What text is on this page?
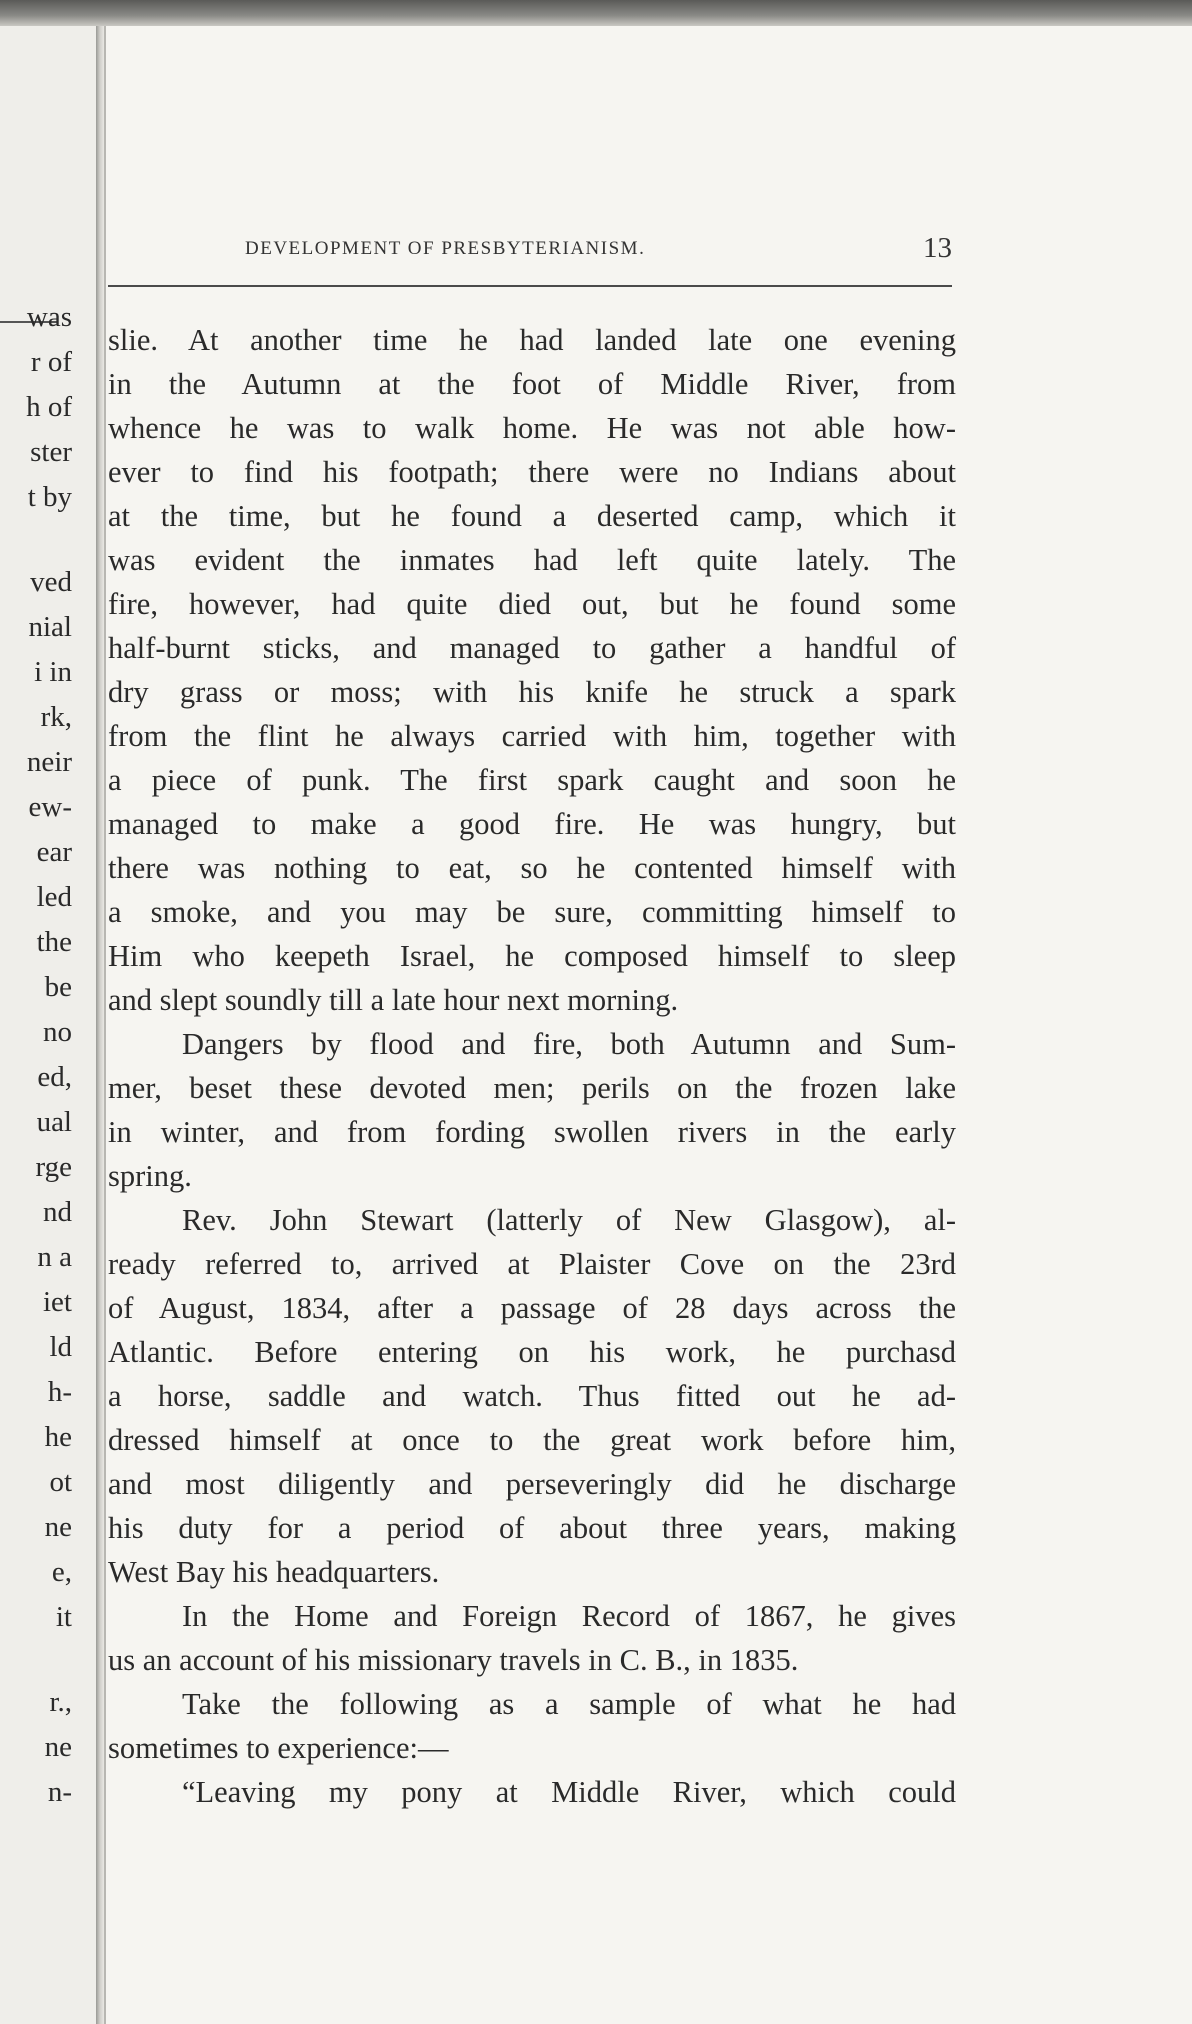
was
r of
h of
ster
t by
ved
nial
i in
rk,
neir
ew-
ear
led
the
be
no
ed,
ual
rge
nd
n a
iet
ld
h-
he
ot
ne
e,
it
r.,
ne
n-
DEVELOPMENT OF PRESBYTERIANISM.	13
slie. At another time he had landed late one evening
in the Autumn at the foot of Middle River, from
whence he was to walk home. He was not able how-
ever to find his footpath; there were no Indians about
at the time, but he found a deserted camp, which it
was evident the inmates had left quite lately. The
fire, however, had quite died out, but he found some
half-burnt sticks, and managed to gather a handful of
dry grass or moss; with his knife he struck a spark
from the flint he always carried with him, together with
a piece of punk. The first spark caught and soon he
managed to make a good fire. He was hungry, but
there was nothing to eat, so he contented himself with
a smoke, and you may be sure, committing himself to
Him who keepeth Israel, he composed himself to sleep
and slept soundly till a late hour next morning.
Dangers by flood and fire, both Autumn and Sum-
mer, beset these devoted men; perils on the frozen lake
in winter, and from fording swollen rivers in the early
spring.
Rev. John Stewart (latterly of New Glasgow), al-
ready referred to, arrived at Plaister Cove on the 23rd
of August, 1834, after a passage of 28 days across the
Atlantic. Before entering on his work, he purchasd
a horse, saddle and watch. Thus fitted out he ad-
dressed himself at once to the great work before him,
and most diligently and perseveringly did he discharge
his duty for a period of about three years, making
West Bay his headquarters.
In the Home and Foreign Record of 1867, he gives
us an account of his missionary travels in C. B., in 1835.
Take the following as a sample of what he had
sometimes to experience:—
“Leaving my pony at Middle River, which could
